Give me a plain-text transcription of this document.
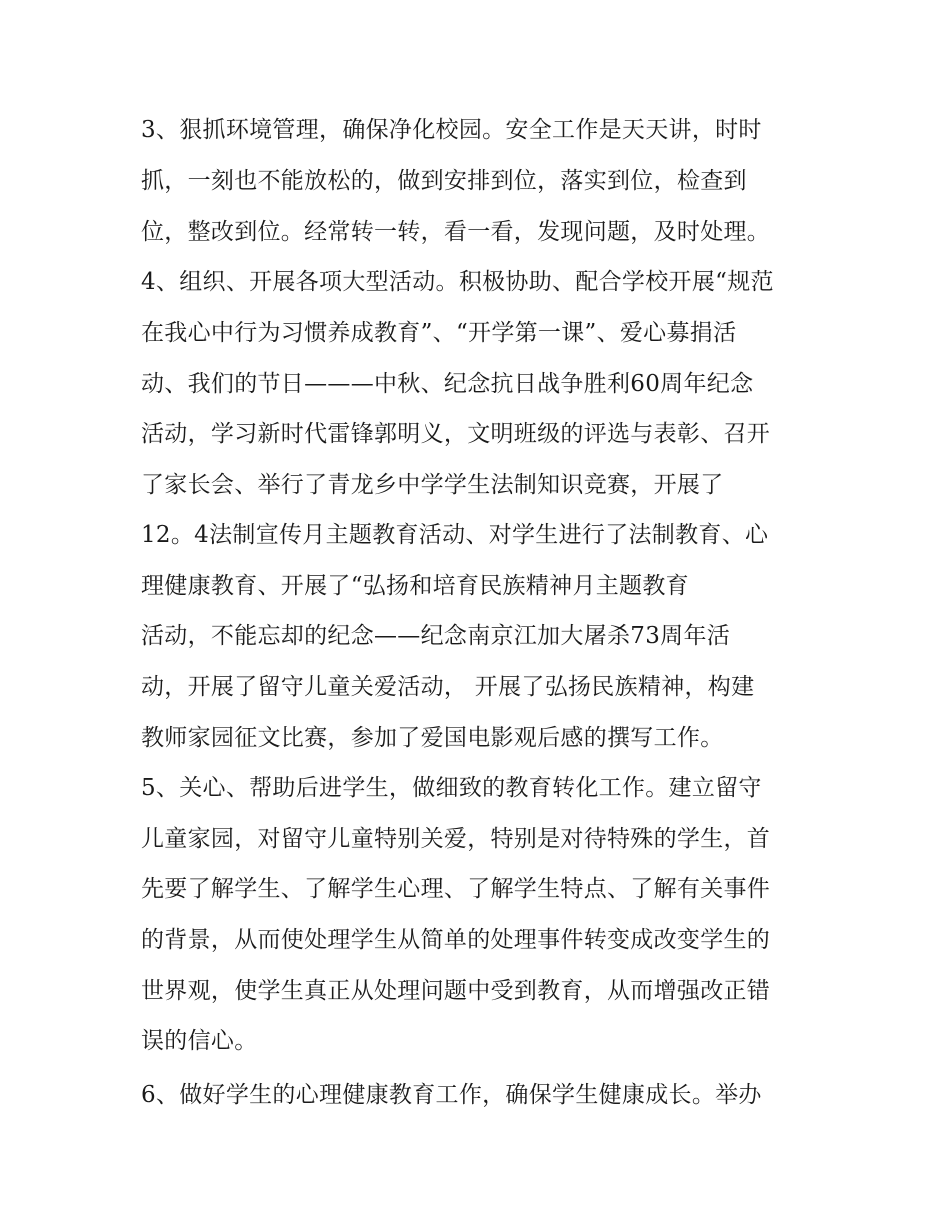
3、狠抓环境管理，确保净化校园。安全工作是天天讲，时时
抓，一刻也不能放松的，做到安排到位，落实到位，检查到
位，整改到位。经常转一转，看一看，发现问题，及时处理。
4、组织、开展各项大型活动。积极协助、配合学校开展“规范
在我心中行为习惯养成教育”、“开学第一课”、爱心募捐活
动、我们的节日———中秋、纪念抗日战争胜利60周年纪念
活动，学习新时代雷锋郭明义，文明班级的评选与表彰、召开
了家长会、举行了青龙乡中学学生法制知识竞赛，开展了
12。4法制宣传月主题教育活动、对学生进行了法制教育、心
理健康教育、开展了“弘扬和培育民族精神月主题教育
活动，不能忘却的纪念——纪念南京江加大屠杀73周年活
动，开展了留守儿童关爱活动， 开展了弘扬民族精神，构建
教师家园征文比赛，参加了爱国电影观后感的撰写工作。
5、关心、帮助后进学生，做细致的教育转化工作。建立留守
儿童家园，对留守儿童特别关爱，特别是对待特殊的学生，首
先要了解学生、了解学生心理、了解学生特点、了解有关事件
的背景，从而使处理学生从简单的处理事件转变成改变学生的
世界观，使学生真正从处理问题中受到教育，从而增强改正错
误的信心。
6、做好学生的心理健康教育工作，确保学生健康成长。举办
